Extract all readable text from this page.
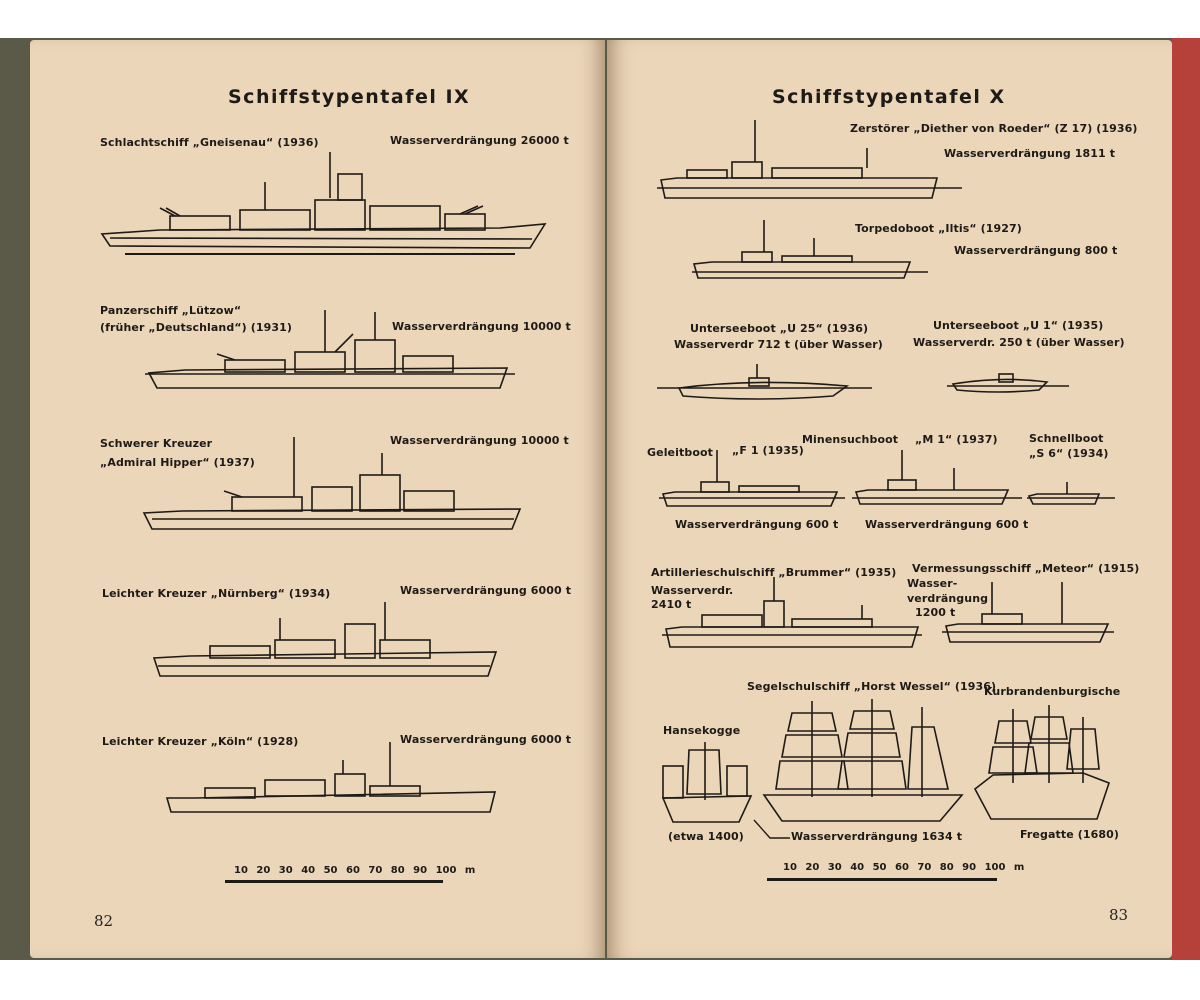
Schiffstypentafel IX
Schlachtschiff „Gneisenau“ (1936)	Wasserverdrängung 26000 t
Panzerschiff „Lützow“
(früher „Deutschland“) (1931)	Wasserverdrängung 10000 t
Schwerer Kreuzer
„Admiral Hipper“ (1937)
Wasserverdrängung 10000 t
Leichter Kreuzer „Nürnberg“ (1934)	Wasserverdrängung 6000 t
Leichter Kreuzer „Köln“ (1928)	Wasserverdrängung 6000 t
10 20 30 40 50 60 70 80 90 100 m
82
Schiffstypentafel X
Zerstörer „Diether von Roeder“ (Z 17) (1936)
Wasserverdrängung 1811 t
Torpedoboot „Iltis“ (1927)
Wasserverdrängung 800 t
Unterseeboot „U 25“ (1936)
Wasserverdr 712 t (über Wasser)
Unterseeboot „U 1“ (1935)
Wasserverdr. 250 t (über Wasser)
Geleitboot „F 1 (1935)
Minensuchboot „M 1“ (1937)	Schnellboot
„S 6“ (1934)
Wasserverdrängung 600 t Wasserverdrängung 600 t
Artillerieschulschiff „Brummer“ (1935)
Wasserverdr.
2410 t
Vermessungsschiff „Meteor“ (1915)
Wasser-
verdrängung
1200 t
Segelschulschiff „Horst Wessel“ (1936)
Kurbrandenburgische
Hansekogge
(etwa 1400)	Wasserverdrängung 1634 t	Fregatte (1680)
10 20 30 40 50 60 70 80 90 100 m
83
